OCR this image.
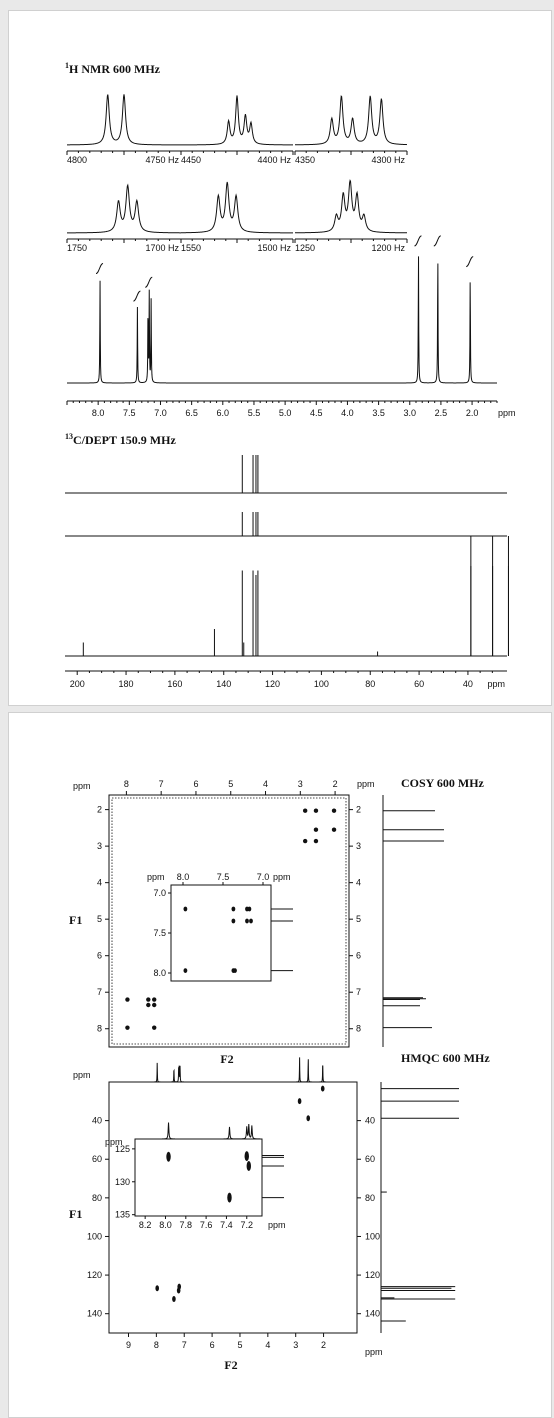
$^1$H NMR 600 MHz
4800	4750 Hz 4450	4400 Hz 4350	4300 Hz
1750	1700 Hz 1550	1500 Hz 1250	1200 Hz
8.0 7.5 7.0 6.5 6.0 5.5 5.0 4.5 4.0 3.5 3.0 2.5 2.0 ppm
$^{13}$C/DEPT 150.9 MHz
200	180	160	140	120	100	80	60	40 ppm
COSY 600 MHz
8
8	8
7
7	7
6
6	6
5
5	5
4
4	4
3
3	3
2
2	2
ppm	ppm
F1
F2
8.0	7.5	7.0 ppm
7.0
7.5
8.0
ppm
HMQC 600 MHz
9	8	7	6	5	4	3	2
40	40
60	60
80	80
100	100
120	120
140	140
ppm
ppm
F1
F2
8.2 8.0 7.8 7.6 7.4 7.2 ppm
125
130
135
ppm
